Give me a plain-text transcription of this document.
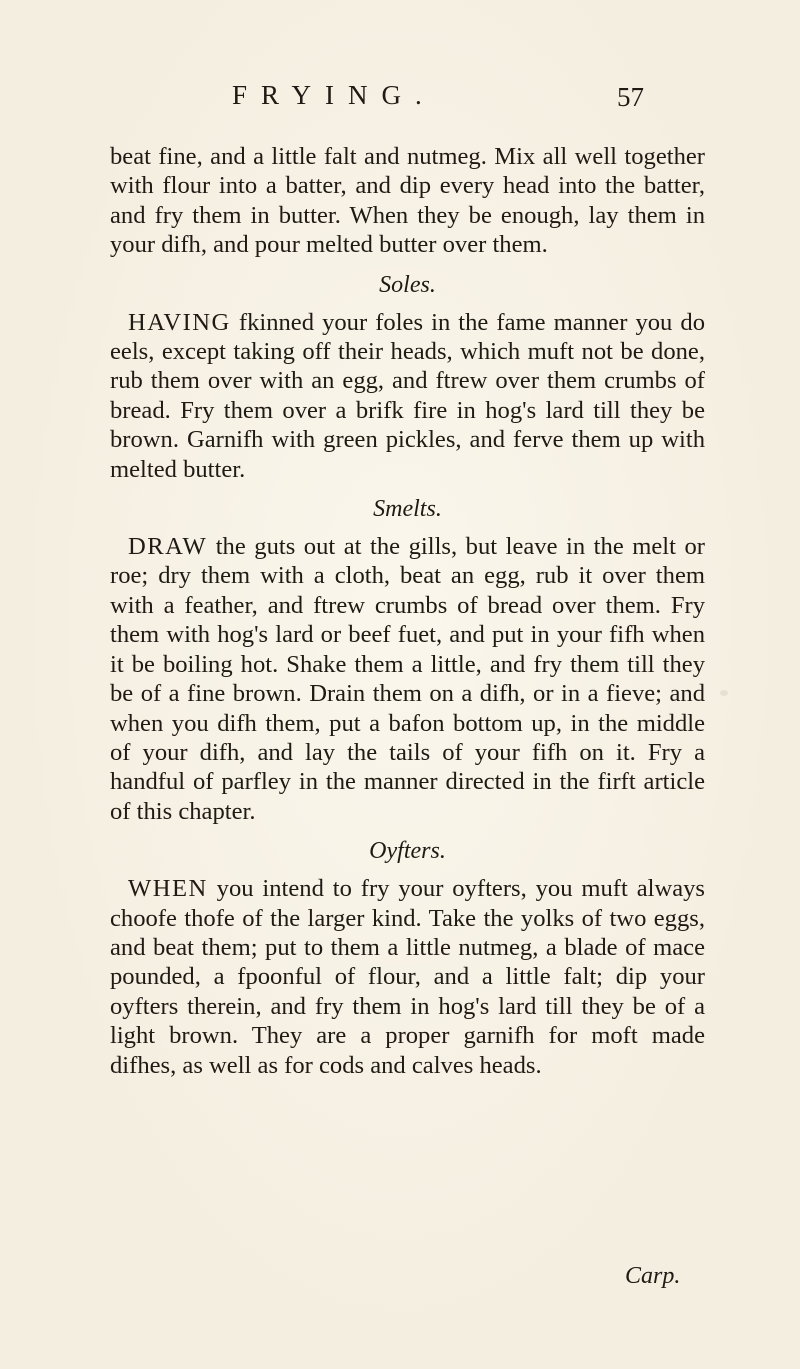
FRYING.	57

beat fine, and a little falt and nutmeg. Mix all well together with flour into a batter, and dip every head into the batter, and fry them in butter. When they be enough, lay them in your difh, and pour melted butter over them.

Soles.

HAVING fkinned your foles in the fame manner you do eels, except taking off their heads, which muft not be done, rub them over with an egg, and ftrew over them crumbs of bread. Fry them over a brifk fire in hog's lard till they be brown. Garnifh with green pickles, and ferve them up with melted butter.

Smelts.

DRAW the guts out at the gills, but leave in the melt or roe; dry them with a cloth, beat an egg, rub it over them with a feather, and ftrew crumbs of bread over them. Fry them with hog's lard or beef fuet, and put in your fifh when it be boiling hot. Shake them a little, and fry them till they be of a fine brown. Drain them on a difh, or in a fieve; and when you difh them, put a bafon bottom up, in the middle of your difh, and lay the tails of your fifh on it. Fry a handful of parfley in the manner directed in the firft article of this chapter.

Oyfters.

WHEN you intend to fry your oyfters, you muft always choofe thofe of the larger kind. Take the yolks of two eggs, and beat them; put to them a little nutmeg, a blade of mace pounded, a fpoonful of flour, and a little falt; dip your oyfters therein, and fry them in hog's lard till they be of a light brown. They are a proper garnifh for moft made difhes, as well as for cods and calves heads.

Carp.
